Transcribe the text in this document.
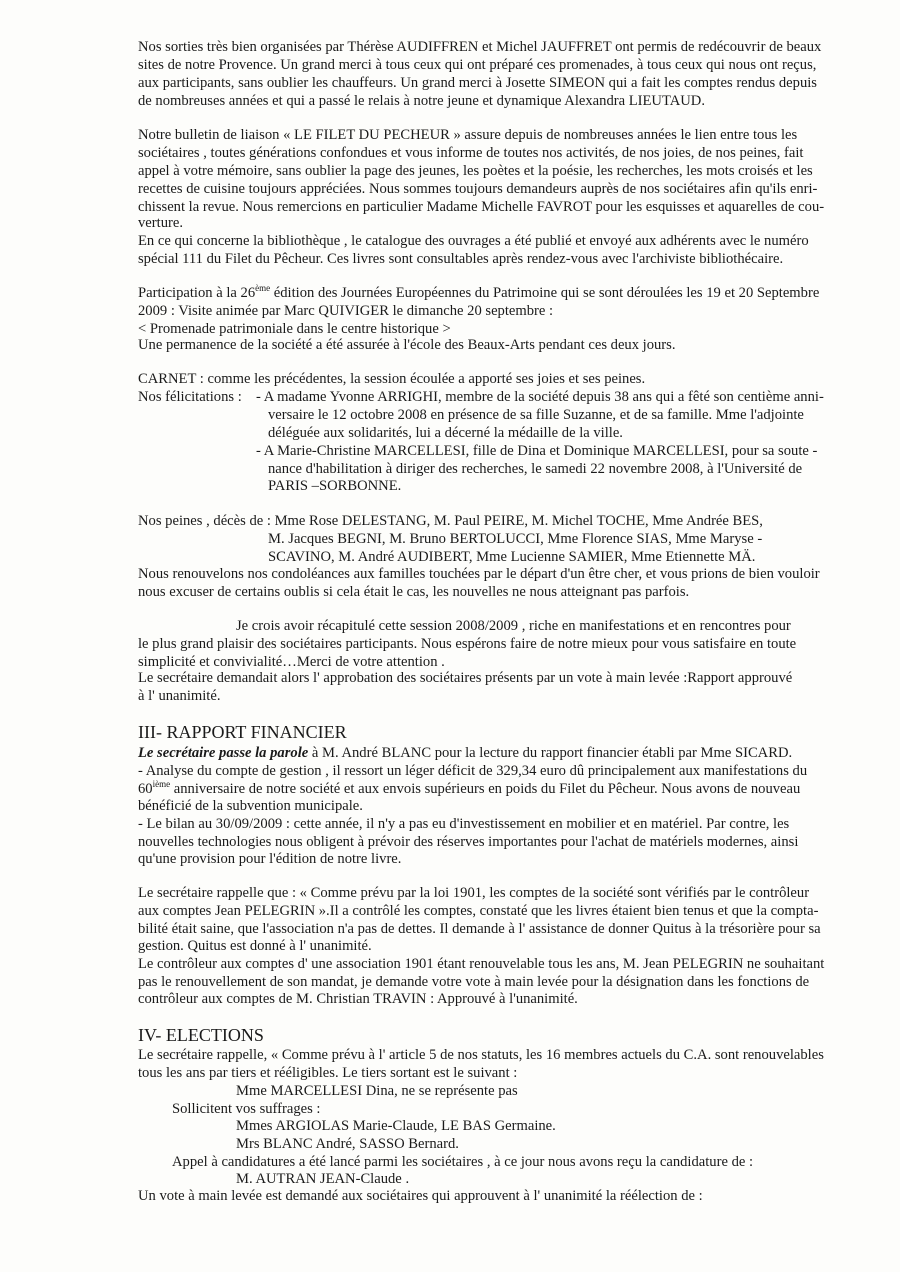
Nos sorties très bien organisées par Thérèse AUDIFFREN et Michel JAUFFRET ont permis de redécouvrir de beaux
sites de notre Provence. Un grand merci à tous ceux qui ont préparé ces promenades, à tous ceux qui nous ont reçus,
aux participants, sans oublier les chauffeurs. Un grand merci à Josette SIMEON qui a fait les comptes rendus depuis
de nombreuses années et qui a passé le relais à notre jeune et dynamique Alexandra LIEUTAUD.
Notre bulletin de liaison « LE FILET DU PECHEUR » assure depuis de nombreuses années le lien entre tous les
sociétaires , toutes générations confondues et vous informe de toutes nos activités, de nos joies, de nos peines, fait
appel à votre mémoire, sans oublier la page des jeunes, les poètes et la poésie, les recherches, les mots croisés et les
recettes de cuisine toujours appréciées. Nous sommes toujours demandeurs auprès de nos sociétaires afin qu'ils enri-
chissent la revue. Nous remercions en particulier Madame Michelle FAVROT pour les esquisses et aquarelles de cou-
verture.
En ce qui concerne la bibliothèque , le catalogue des ouvrages a été publié et envoyé aux adhérents avec le numéro
spécial 111 du Filet du Pêcheur. Ces livres sont consultables après rendez-vous avec l'archiviste bibliothécaire.
Participation à la 26ème édition des Journées Européennes du Patrimoine qui se sont déroulées les 19 et 20 Septembre
2009 : Visite animée par Marc QUIVIGER le dimanche 20 septembre :
< Promenade patrimoniale dans le centre historique >
Une permanence de la société a été assurée à l'école des Beaux-Arts pendant ces deux jours.
CARNET : comme les précédentes, la session écoulée a apporté ses joies et ses peines.
Nos félicitations : - A madame Yvonne ARRIGHI, membre de la société depuis 38 ans qui a fêté son centième anni-
versaire le 12 octobre 2008 en présence de sa fille Suzanne, et de sa famille. Mme l'adjointe
déléguée aux solidarités, lui a décerné la médaille de la ville.
- A Marie-Christine MARCELLESI, fille de Dina et Dominique MARCELLESI, pour sa soute -
nance d'habilitation à diriger des recherches, le samedi 22 novembre 2008, à l'Université de
PARIS –SORBONNE.
Nos peines , décès de : Mme Rose DELESTANG, M. Paul PEIRE, M. Michel TOCHE, Mme Andrée BES,
M. Jacques BEGNI, M. Bruno BERTOLUCCI, Mme Florence SIAS, Mme Maryse -
SCAVINO, M. André AUDIBERT, Mme Lucienne SAMIER, Mme Etiennette MÄ.
Nous renouvelons nos condoléances aux familles touchées par le départ d'un être cher, et vous prions de bien vouloir
nous excuser de certains oublis si cela était le cas, les nouvelles ne nous atteignant pas parfois.
Je crois avoir récapitulé cette session 2008/2009 , riche en manifestations et en rencontres pour
le plus grand plaisir des sociétaires participants. Nous espérons faire de notre mieux pour vous satisfaire en toute
simplicité et convivialité…Merci de votre attention .
Le secrétaire demandait alors l' approbation des sociétaires présents par un vote à main levée :Rapport approuvé
à l' unanimité.
III- RAPPORT FINANCIER
Le secrétaire passe la parole à M. André BLANC pour la lecture du rapport financier établi par Mme SICARD.
- Analyse du compte de gestion , il ressort un léger déficit de 329,34 euro dû principalement aux manifestations du
60ième anniversaire de notre société et aux envois supérieurs en poids du Filet du Pêcheur. Nous avons de nouveau
bénéficié de la subvention municipale.
- Le bilan au 30/09/2009 : cette année, il n'y a pas eu d'investissement en mobilier et en matériel. Par contre, les
nouvelles technologies nous obligent à prévoir des réserves importantes pour l'achat de matériels modernes, ainsi
qu'une provision pour l'édition de notre livre.
Le secrétaire rappelle que : « Comme prévu par la loi 1901, les comptes de la société sont vérifiés par le contrôleur
aux comptes Jean PELEGRIN ».Il a contrôlé les comptes, constaté que les livres étaient bien tenus et que la compta-
bilité était saine, que l'association n'a pas de dettes. Il demande à l' assistance de donner Quitus à la trésorière pour sa
gestion. Quitus est donné à l' unanimité.
Le contrôleur aux comptes d' une association 1901 étant renouvelable tous les ans, M. Jean PELEGRIN ne souhaitant
pas le renouvellement de son mandat, je demande votre vote à main levée pour la désignation dans les fonctions de
contrôleur aux comptes de M. Christian TRAVIN : Approuvé à l'unanimité.
IV- ELECTIONS
Le secrétaire rappelle, « Comme prévu à l' article 5 de nos statuts, les 16 membres actuels du C.A. sont renouvelables
tous les ans par tiers et rééligibles. Le tiers sortant est le suivant :
Mme MARCELLESI Dina, ne se représente pas
Sollicitent vos suffrages :
Mmes ARGIOLAS Marie-Claude, LE BAS Germaine.
Mrs BLANC André, SASSO Bernard.
Appel à candidatures a été lancé parmi les sociétaires , à ce jour nous avons reçu la candidature de :
M. AUTRAN JEAN-Claude .
Un vote à main levée est demandé aux sociétaires qui approuvent à l' unanimité la réélection de :
